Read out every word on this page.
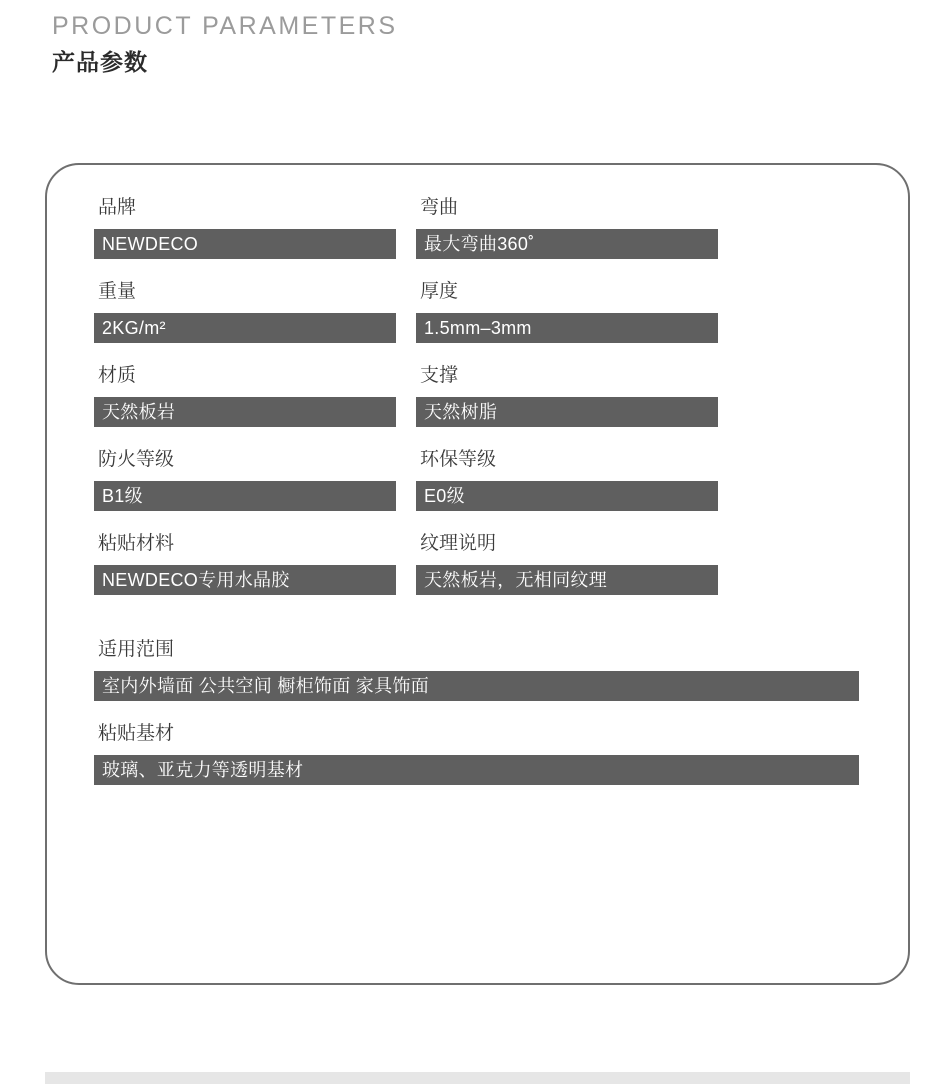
PRODUCT PARAMETERS
产品参数
品牌
NEWDECO
弯曲
最大弯曲360˚
重量
2KG/m²
厚度
1.5mm–3mm
材质
天然板岩
支撑
天然树脂
防火等级
B1级
环保等级
E0级
粘贴材料
NEWDECO专用水晶胶
纹理说明
天然板岩，无相同纹理
适用范围
室内外墙面 公共空间 橱柜饰面 家具饰面
粘贴基材
玻璃、亚克力等透明基材
